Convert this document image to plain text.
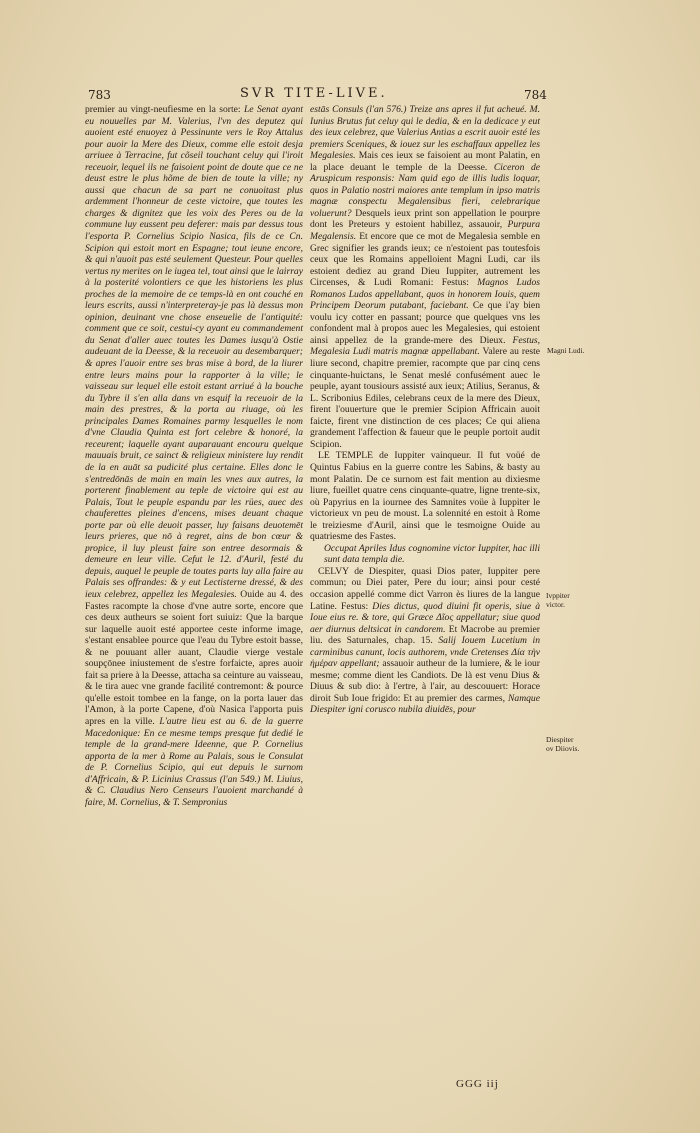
783	SVR TITE-LIVE.	784

premier au vingt-neufiesme en la sorte: Le Senat ayant eu nouuelles par M. Valerius, l'vn des deputez qui auoient esté enuoyez à Pessinunte vers le Roy Attalus pour auoir la Mere des Dieux, comme elle estoit desja arriuee à Terracine, fut cõseil touchant celuy qui l'iroit receuoir, lequel ils ne faisoient point de doute que ce ne deust estre le plus hõme de bien de toute la ville; ny aussi que chacun de sa part ne conuoitast plus ardemment l'honneur de ceste victoire, que toutes les charges & dignitez que les voix des Peres ou de la commune luy eussent peu deferer: mais par dessus tous l'esporta P. Cornelius Scipio Nasica, fils de ce Cn. Scipion qui estoit mort en Espagne; tout ieune encore, & qui n'auoit pas esté seulement Questeur. Pour quelles vertus ny merites on le iugea tel, tout ainsi que le lairray à la posterité volontiers ce que les historiens les plus proches de la memoire de ce temps-là en ont couché en leurs escrits, aussi n'interpreteray-je pas là dessus mon opinion, deuinant vne chose enseuelie de l'antiquité: comment que ce soit, cestui-cy ayant eu commandement du Senat d'aller auec toutes les Dames iusqu'à Ostie audeuant de la Deesse, & la receuoir au desembarquer; & apres l'auoir entre ses bras mise à bord, de la liurer entre leurs mains pour la rapporter à la ville; le vaisseau sur lequel elle estoit estant arriué à la bouche du Tybre il s'en alla dans vn esquif la receuoir de la main des prestres, & la porta au riuage, où les principales Dames Romaines parmy lesquelles le nom d'vne Claudia Quinta est fort celebre & honoré, la receurent; laquelle ayant auparauant encouru quelque mauuais bruit, ce sainct & religieux ministere luy rendit de la en auāt sa pudicité plus certaine. Elles donc le s'entredōnās de main en main les vnes aux autres, la porterent finablement au teple de victoire qui est au Palais, Tout le peuple espandu par les rües, auec des chauferettes pleines d'encens, mises deuant chaque porte par où elle deuoit passer, luy faisans deuotemēt leurs prieres, que nō à regret, ains de bon cœur & propice, il luy pleust faire son entree desormais & demeure en leur ville. Cefut le 12. d'Auril, festé du depuis, auquel le peuple de toutes parts luy alla faire au Palais ses offrandes: & y eut Lectisterne dressé, & des ieux celebrez, appellez les Megalesies. Ouide au 4. des Fastes racompte la chose d'vne autre sorte, encore que ces deux autheurs se soient fort suiuiz: Que la barque sur laquelle auoit esté apportee ceste informe image, s'estant ensablee pource que l'eau du Tybre estoit basse, & ne pouuant aller auant, Claudie vierge vestale soupçōnee iniustement de s'estre forfaicte, apres auoir fait sa priere à la Deesse, attacha sa ceinture au vaisseau, & le tira auec vne grande facilité contremont: & pource qu'elle estoit tombee en la fange, on la porta lauer das l'Amon, à la porte Capene, d'où Nasica l'apporta puis apres en la ville. L'autre lieu est au 6. de la guerre Macedonique: En ce mesme temps presque fut dedié le temple de la grand-mere Ideenne, que P. Cornelius apporta de la mer à Rome au Palais, sous le Consulat de P. Cornelius Scipio, qui eut depuis le surnom d'Affricain, & P. Licinius Crassus (l'an 549.) M. Liuius, & C. Claudius Nero Censeurs l'auoient marchandé à faire, M. Cornelius, & T. Sempronius

estās Consuls (l'an 576.) Treize ans apres il fut acheué. M. Iunius Brutus fut celuy qui le dedia, & en la dedicace y eut des ieux celebrez, que Valerius Antias a escrit auoir esté les premiers Sceniques, & iouez sur les eschaffaux appellez les Megalesies. Mais ces ieux se faisoient au mont Palatin, en la place deuant le temple de la Deesse. Ciceron de Aruspicum responsis: Nam quid ego de illis ludis loquar, quos in Palatio nostri maiores ante templum in ipso matris magnæ conspectu Megalensibus fieri, celebrarique voluerunt? Desquels ieux print son appellation le pourpre dont les Preteurs y estoient habillez, assauoir, Purpura Megalensis. Et encore que ce mot de Megalesia semble en Grec signifier les grands ieux; ce n'estoient pas toutesfois ceux que les Romains appelloient Magni Ludi, car ils estoient dediez au grand Dieu Iuppiter, autrement les Circenses, & Ludi Romani: Festus: Magnos Ludos Romanos Ludos appellabant, quos in honorem Iouis, quem Principem Deorum putabant, faciebant. Ce que i'ay bien voulu icy cotter en passant; pource que quelques vns les confondent mal à propos auec les Megalesies, qui estoient ainsi appellez de la grande-mere des Dieux. Festus, Megalesia Ludi matris magnæ appellabant. Valere au reste liure second, chapitre premier, racompte que par cinq cens cinquante-huictans, le Senat meslé confusément auec le peuple, ayant tousiours assisté aux ieux; Atilius, Seranus, & L. Scribonius Ediles, celebrans ceux de la mere des Dieux, firent l'ouuerture que le premier Scipion Affricain auoit faicte, firent vne distinction de ces places; Ce qui aliena grandement l'affection & faueur que le peuple portoit audit Scipion.

LE TEMPLE de Iuppiter vainqueur. Il fut voüé de Quintus Fabius en la guerre contre les Sabins, & basty au mont Palatin. De ce surnom est fait mention au dixiesme liure, fueillet quatre cens cinquante-quatre, ligne trente-six, où Papyrius en la iournee des Samnites voüe à Iuppiter le victorieux vn peu de moust. La solennité en estoit à Rome le treiziesme d'Auril, ainsi que le tesmoigne Ouide au quatriesme des Fastes.

Occupat Apriles Idus cognomine victor Iuppiter, hac illi sunt data templa die.

CELVY de Diespiter, quasi Dios pater, Iuppiter pere commun; ou Diei pater, Pere du iour; ainsi pour cesté occasion appellé comme dict Varron ès liures de la langue Latine. Festus: Dies dictus, quod diuini fit operis, siue à Ioue eius re. & tore, qui Græce Δῖος appellatur; siue quod aer diurnus deltsicat in candorem. Et Macrobe au premier liu. des Saturnales, chap. 15. Salij Iouem Lucetium in carminibus canunt, locis authorem, vnde Cretenses Δία τὴν ἡμέραν appellant; assauoir autheur de la lumiere, & le iour mesme; comme dient les Candiots. De là est venu Dius & Diuus & sub dio: à l'ertre, à l'air, au descouuert: Horace diroit Sub Ioue frigido: Et au premier des carmes, Namque Diespiter igni corusco nubila diuidēs, pour

Magni Ludi.
Ivppiter
victor.
Diespiter
ov Diiovis.
GGG iij
